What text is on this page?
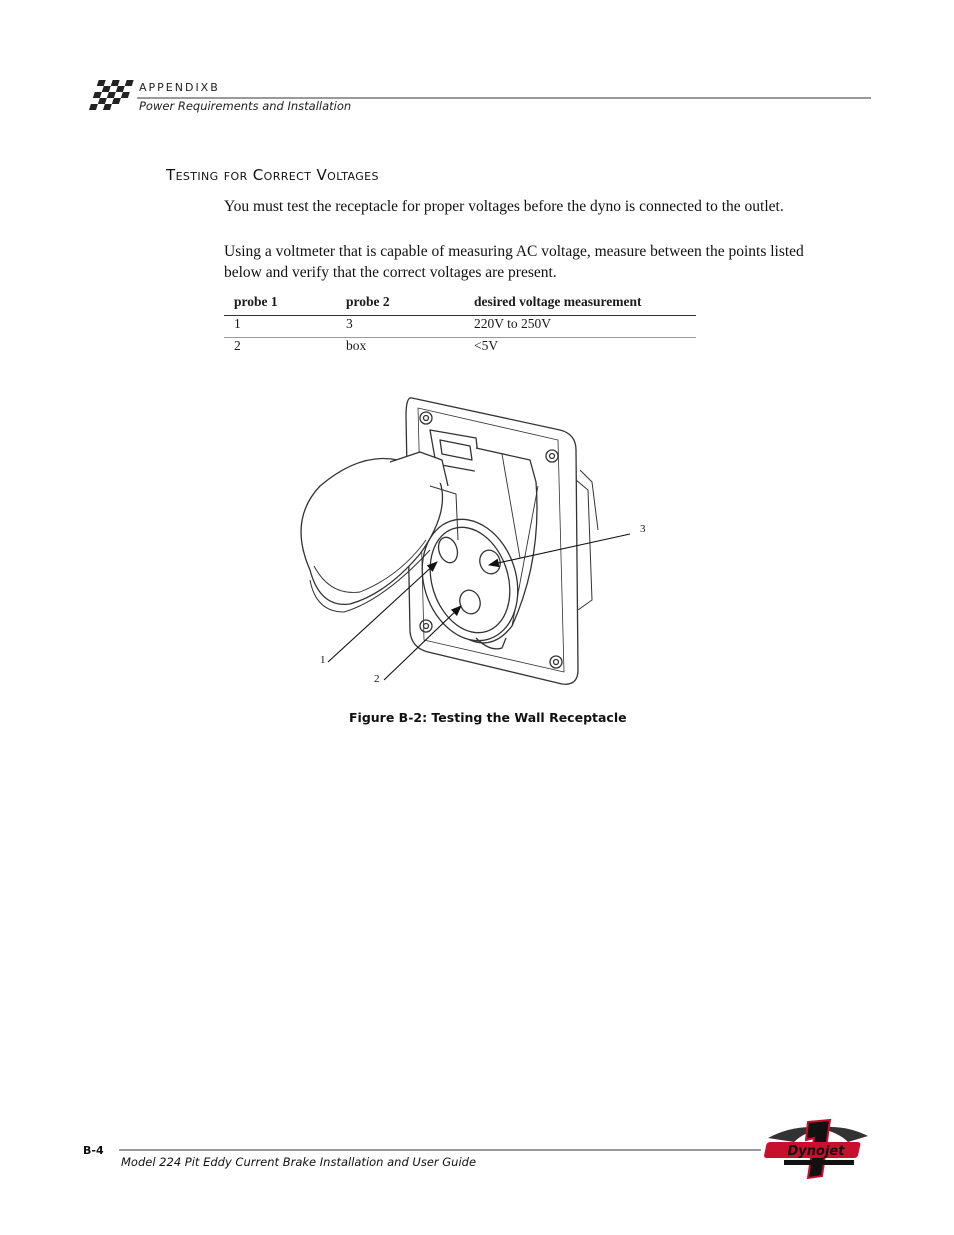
APPENDIXB
Power Requirements and Installation
Testing for Correct Voltages
You must test the receptacle for proper voltages before the dyno is connected to the outlet.
Using a voltmeter that is capable of measuring AC voltage, measure between the points listed below and verify that the correct voltages are present.
probe 1	probe 2	desired voltage measurement
1	3	220V to 250V
2	box	<5V
1
2
3
Figure B-2: Testing the Wall Receptacle
B-4
Model 224 Pit Eddy Current Brake Installation and User Guide
Dynojet
